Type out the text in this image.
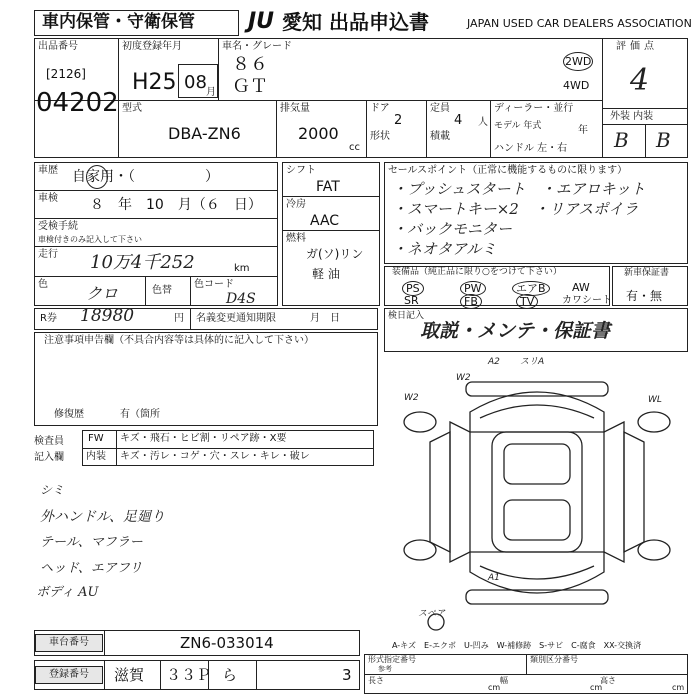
車内保管・守衛保管 JU 愛知 出品申込書	JAPAN USED CAR DEALERS ASSOCIATION
出品番号
[2126]
04202
初度登録年月
H25 08 月
車名・グレード
８６
ＧＴ
2WD
4WD
評価点
4
外装 内装
B B
型式
DBA-ZN6
排気量
2000
cc
ドア
2
形状
定員
4 人
積載
ディーラー・並行
モデル 年式	年
ハンドル 左・右
車歴 自家用・（　　　　　）
車検 ８　年　10　月（６　日）
受検手続
車検付きのみ記入して下さい
走行 10万4千252	km
色 クロ	色替
色コード
D4S
シフト
FAT
冷房
AAC
燃料
ガ(ソ)リン
軽 油
セールスポイント（正常に機能するものに限ります）
・プッシュスタート　・エアロキット
・スマートキー×2　・リアスポイラ
・バックモニター
・ネオタアルミ
装備品（純正品に限り○をつけて下さい）
PS	PW	エアB	AW
SR	FB	TV	カワシート
新車保証書
有・無
R券 18980	円 名義変更通知期限	月　日	検日記入
取説・メンテ・保証書
注意事項申告欄（不具合内容等は具体的に記入して下さい）
修復歴	有（箇所
検査員 記入欄
FW キズ・飛石・ヒビ割・リペア跡・X要
内装 キズ・汚レ・コゲ・穴・スレ・キレ・破レ
シミ
外ハンドル、足廻り
テール、マフラー
ヘッド、エアフリ
ボディ AU
A2 スリA
W2
W2
WL
A1
スペア
A-キズ　E-エクボ　U-凹み　W-補修跡　S-サビ　C-腐食　XX-交換済
車台番号	ZN6-033014
登録番号	滋賀 ３３Ｐ ら	3
形式指定番号
参考
類別区分番号
長さ
cm
幅
cm
高さ
cm
